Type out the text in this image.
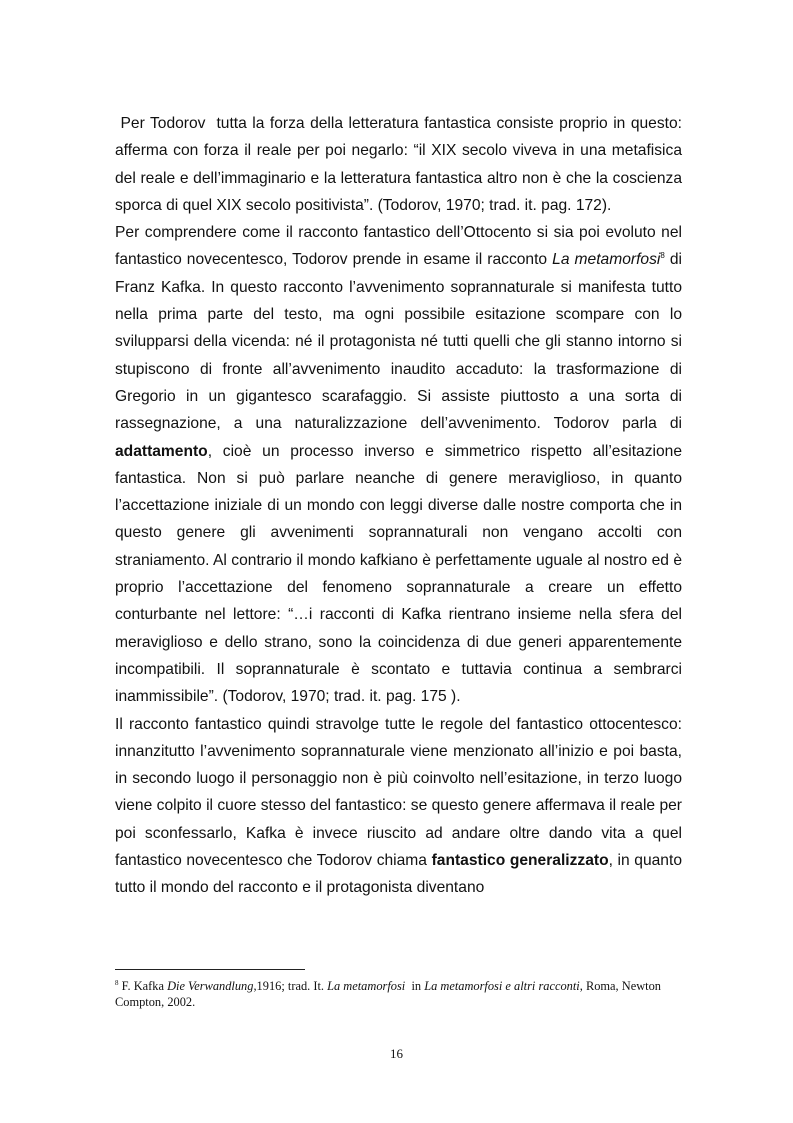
Per Todorov  tutta la forza della letteratura fantastica consiste proprio in questo: afferma con forza il reale per poi negarlo: “il XIX secolo viveva in una metafisica del reale e dell’immaginario e la letteratura fantastica altro non è che la coscienza sporca di quel XIX secolo positivista”. (Todorov, 1970; trad. it. pag. 172).

Per comprendere come il racconto fantastico dell’Ottocento si sia poi evoluto nel fantastico novecentesco, Todorov prende in esame il racconto La metamorfosi$^8$ di Franz Kafka. In questo racconto l’avvenimento soprannaturale si manifesta tutto nella prima parte del testo, ma ogni possibile esitazione scompare con lo svilupparsi della vicenda: né il protagonista né tutti quelli che gli stanno intorno si stupiscono di fronte all’avvenimento inaudito accaduto: la trasformazione di Gregorio in un gigantesco scarafaggio. Si assiste piuttosto a una sorta di rassegnazione, a una naturalizzazione dell’avvenimento. Todorov parla di adattamento, cioè un processo inverso e simmetrico rispetto all’esitazione fantastica. Non si può parlare neanche di genere meraviglioso, in quanto l’accettazione iniziale di un mondo con leggi diverse dalle nostre comporta che in questo genere gli avvenimenti soprannaturali non vengano accolti con straniamento. Al contrario il mondo kafkiano è perfettamente uguale al nostro ed è proprio l’accettazione del fenomeno soprannaturale a creare un effetto conturbante nel lettore: “…i racconti di Kafka rientrano insieme nella sfera del meraviglioso e dello strano, sono la coincidenza di due generi apparentemente incompatibili. Il soprannaturale è scontato e tuttavia continua a sembrarci inammissibile”. (Todorov, 1970; trad. it. pag. 175 ).

Il racconto fantastico quindi stravolge tutte le regole del fantastico ottocentesco: innanzitutto l’avvenimento soprannaturale viene menzionato all’inizio e poi basta, in secondo luogo il personaggio non è più coinvolto nell’esitazione, in terzo luogo viene colpito il cuore stesso del fantastico: se questo genere affermava il reale per poi sconfessarlo, Kafka è invece riuscito ad andare oltre dando vita a quel fantastico novecentesco che Todorov chiama fantastico generalizzato, in quanto tutto il mondo del racconto e il protagonista diventano

$^8$ F. Kafka Die Verwandlung,1916; trad. It. La metamorfosi  in La metamorfosi e altri racconti, Roma, Newton Compton, 2002.
16
